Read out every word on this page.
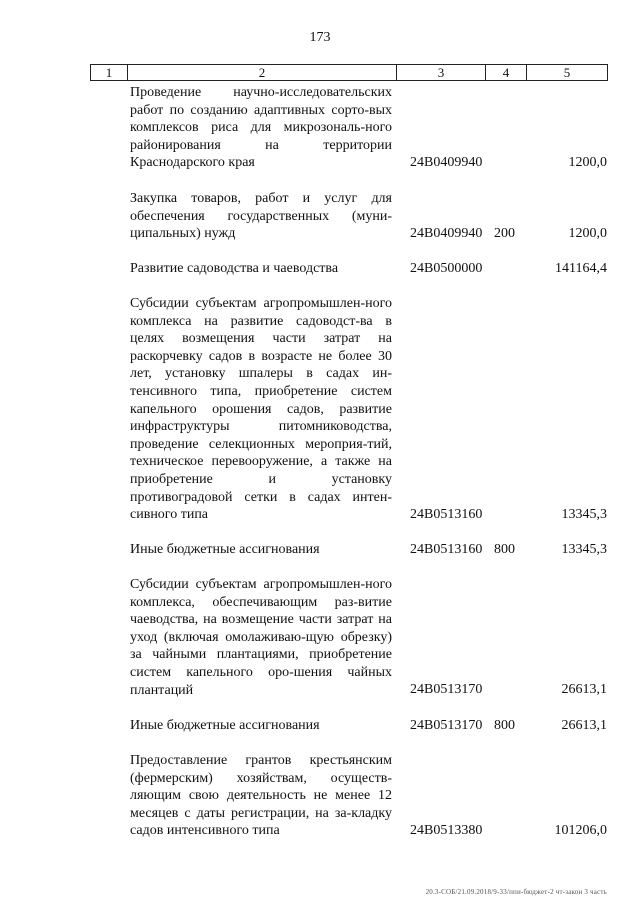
173
1	2	3	4	5
Проведение научно-исследовательских работ по созданию адаптивных сорто-вых комплексов риса для микрозональ-ного районирования на территории Краснодарского края	24В0409940	1200,0
Закупка товаров, работ и услуг для обеспечения государственных (муни-ципальных) нужд	24В0409940 200	1200,0
Развитие садоводства и чаеводства	24В0500000	141164,4
Субсидии субъектам агропромышлен-ного комплекса на развитие садоводст-ва в целях возмещения части затрат на раскорчевку садов в возрасте не более 30 лет, установку шпалеры в садах ин-тенсивного типа, приобретение систем капельного орошения садов, развитие инфраструктуры питомниководства, проведение селекционных мероприя-тий, техническое перевооружение, а также на приобретение и установку противоградовой сетки в садах интен-сивного типа	24В0513160	13345,3
Иные бюджетные ассигнования	24В0513160 800	13345,3
Субсидии субъектам агропромышлен-ного комплекса, обеспечивающим раз-витие чаеводства, на возмещение части затрат на уход (включая омолаживаю-щую обрезку) за чайными плантациями, приобретение систем капельного оро-шения чайных плантаций	24В0513170	26613,1
Иные бюджетные ассигнования	24В0513170 800	26613,1
Предоставление грантов крестьянским (фермерским) хозяйствам, осуществ-ляющим свою деятельность не менее 12 месяцев с даты регистрации, на за-кладку садов интенсивного типа	24В0513380	101206,0
20.3-СОБ/21.09.2018/9-33/ппи-бюджет-2 чт-закон 3 часть
